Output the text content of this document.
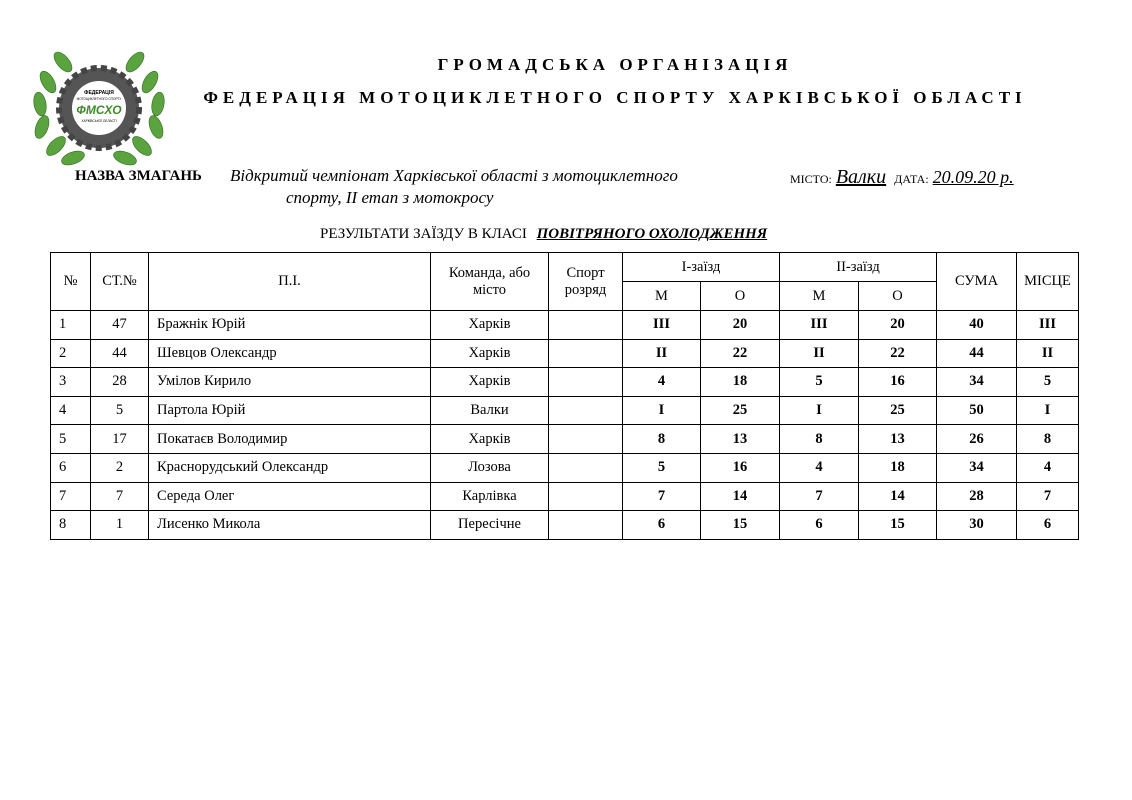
ФЕДЕРАЦІЯ
МОТОЦИКЛЕТНОГО СПОРТУ
ФМСХО
ХАРКІВСЬКОЇ ОБЛАСТІ
ГРОМАДСЬКА ОРГАНІЗАЦІЯ
ФЕДЕРАЦІЯ МОТОЦИКЛЕТНОГО СПОРТУ ХАРКІВСЬКОЇ ОБЛАСТІ
НАЗВА ЗМАГАНЬ Відкритий чемпіонат Харківської області з мотоциклетного
спорту, ІІ етап з мотокросу
МІСТО: Валки ДАТА: 20.09.20 р.
РЕЗУЛЬТАТИ ЗАЇЗДУ В КЛАСІ ПОВІТРЯНОГО ОХОЛОДЖЕННЯ
№	СТ.№	П.І.	Команда, або місто	Спорт розряд	І-заїзд		ІІ-заїзд		СУМА	МІСЦЕ
					М	О	М	О		
1	47	Бражнік Юрій	Харків		ІІІ	20	ІІІ	20	40	ІІІ
2	44	Шевцов Олександр	Харків		ІІ	22	ІІ	22	44	ІІ
3	28	Умілов Кирило	Харків		4	18	5	16	34	5
4	5	Партола Юрій	Валки		І	25	І	25	50	І
5	17	Покатаєв Володимир	Харків		8	13	8	13	26	8
6	2	Краснорудський Олександр	Лозова		5	16	4	18	34	4
7	7	Середа Олег	Карлівка		7	14	7	14	28	7
8	1	Лисенко Микола	Пересічне		6	15	6	15	30	6
